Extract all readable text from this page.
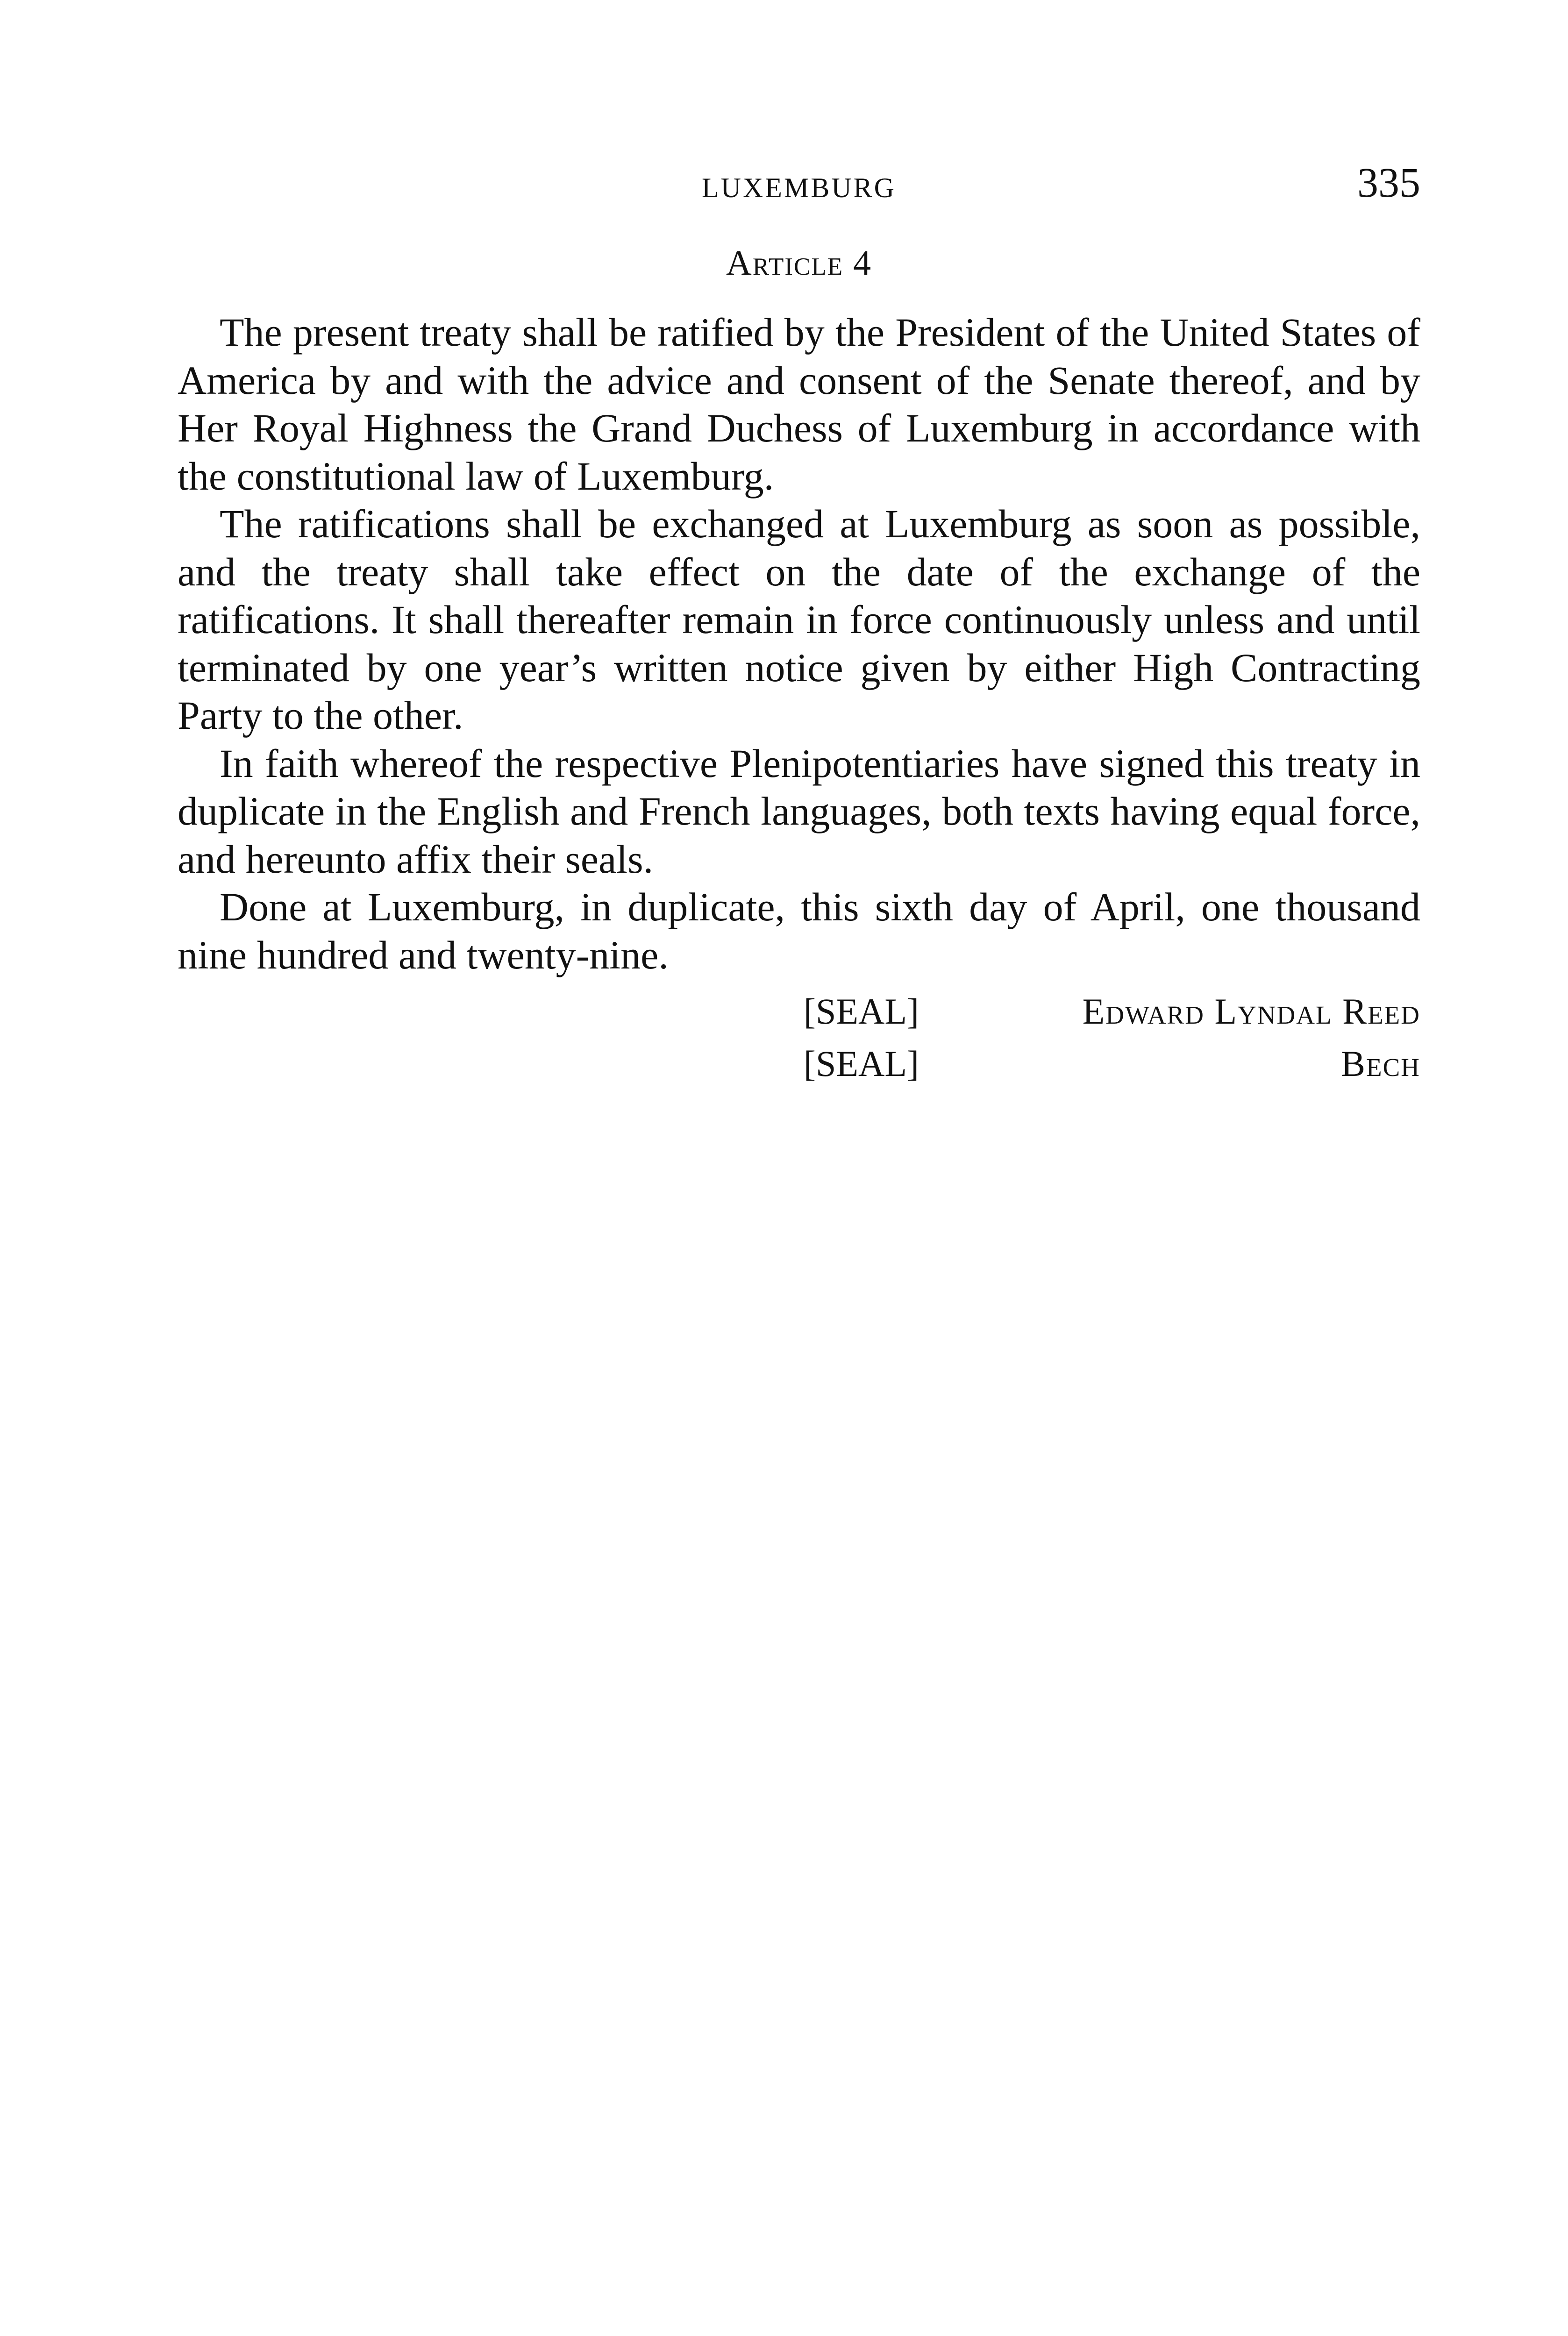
LUXEMBURG	335
Article 4

The present treaty shall be ratified by the President of the United States of America by and with the advice and consent of the Senate thereof, and by Her Royal Highness the Grand Duchess of Luxemburg in accordance with the constitutional law of Luxemburg.

The ratifications shall be exchanged at Luxemburg as soon as possible, and the treaty shall take effect on the date of the exchange of the ratifications. It shall thereafter remain in force continuously unless and until terminated by one year’s written notice given by either High Contracting Party to the other.

In faith whereof the respective Plenipotentiaries have signed this treaty in duplicate in the English and French languages, both texts having equal force, and hereunto affix their seals.

Done at Luxemburg, in duplicate, this sixth day of April, one thousand nine hundred and twenty-nine.

[SEAL]	Edward Lyndal Reed
[SEAL]	Bech
